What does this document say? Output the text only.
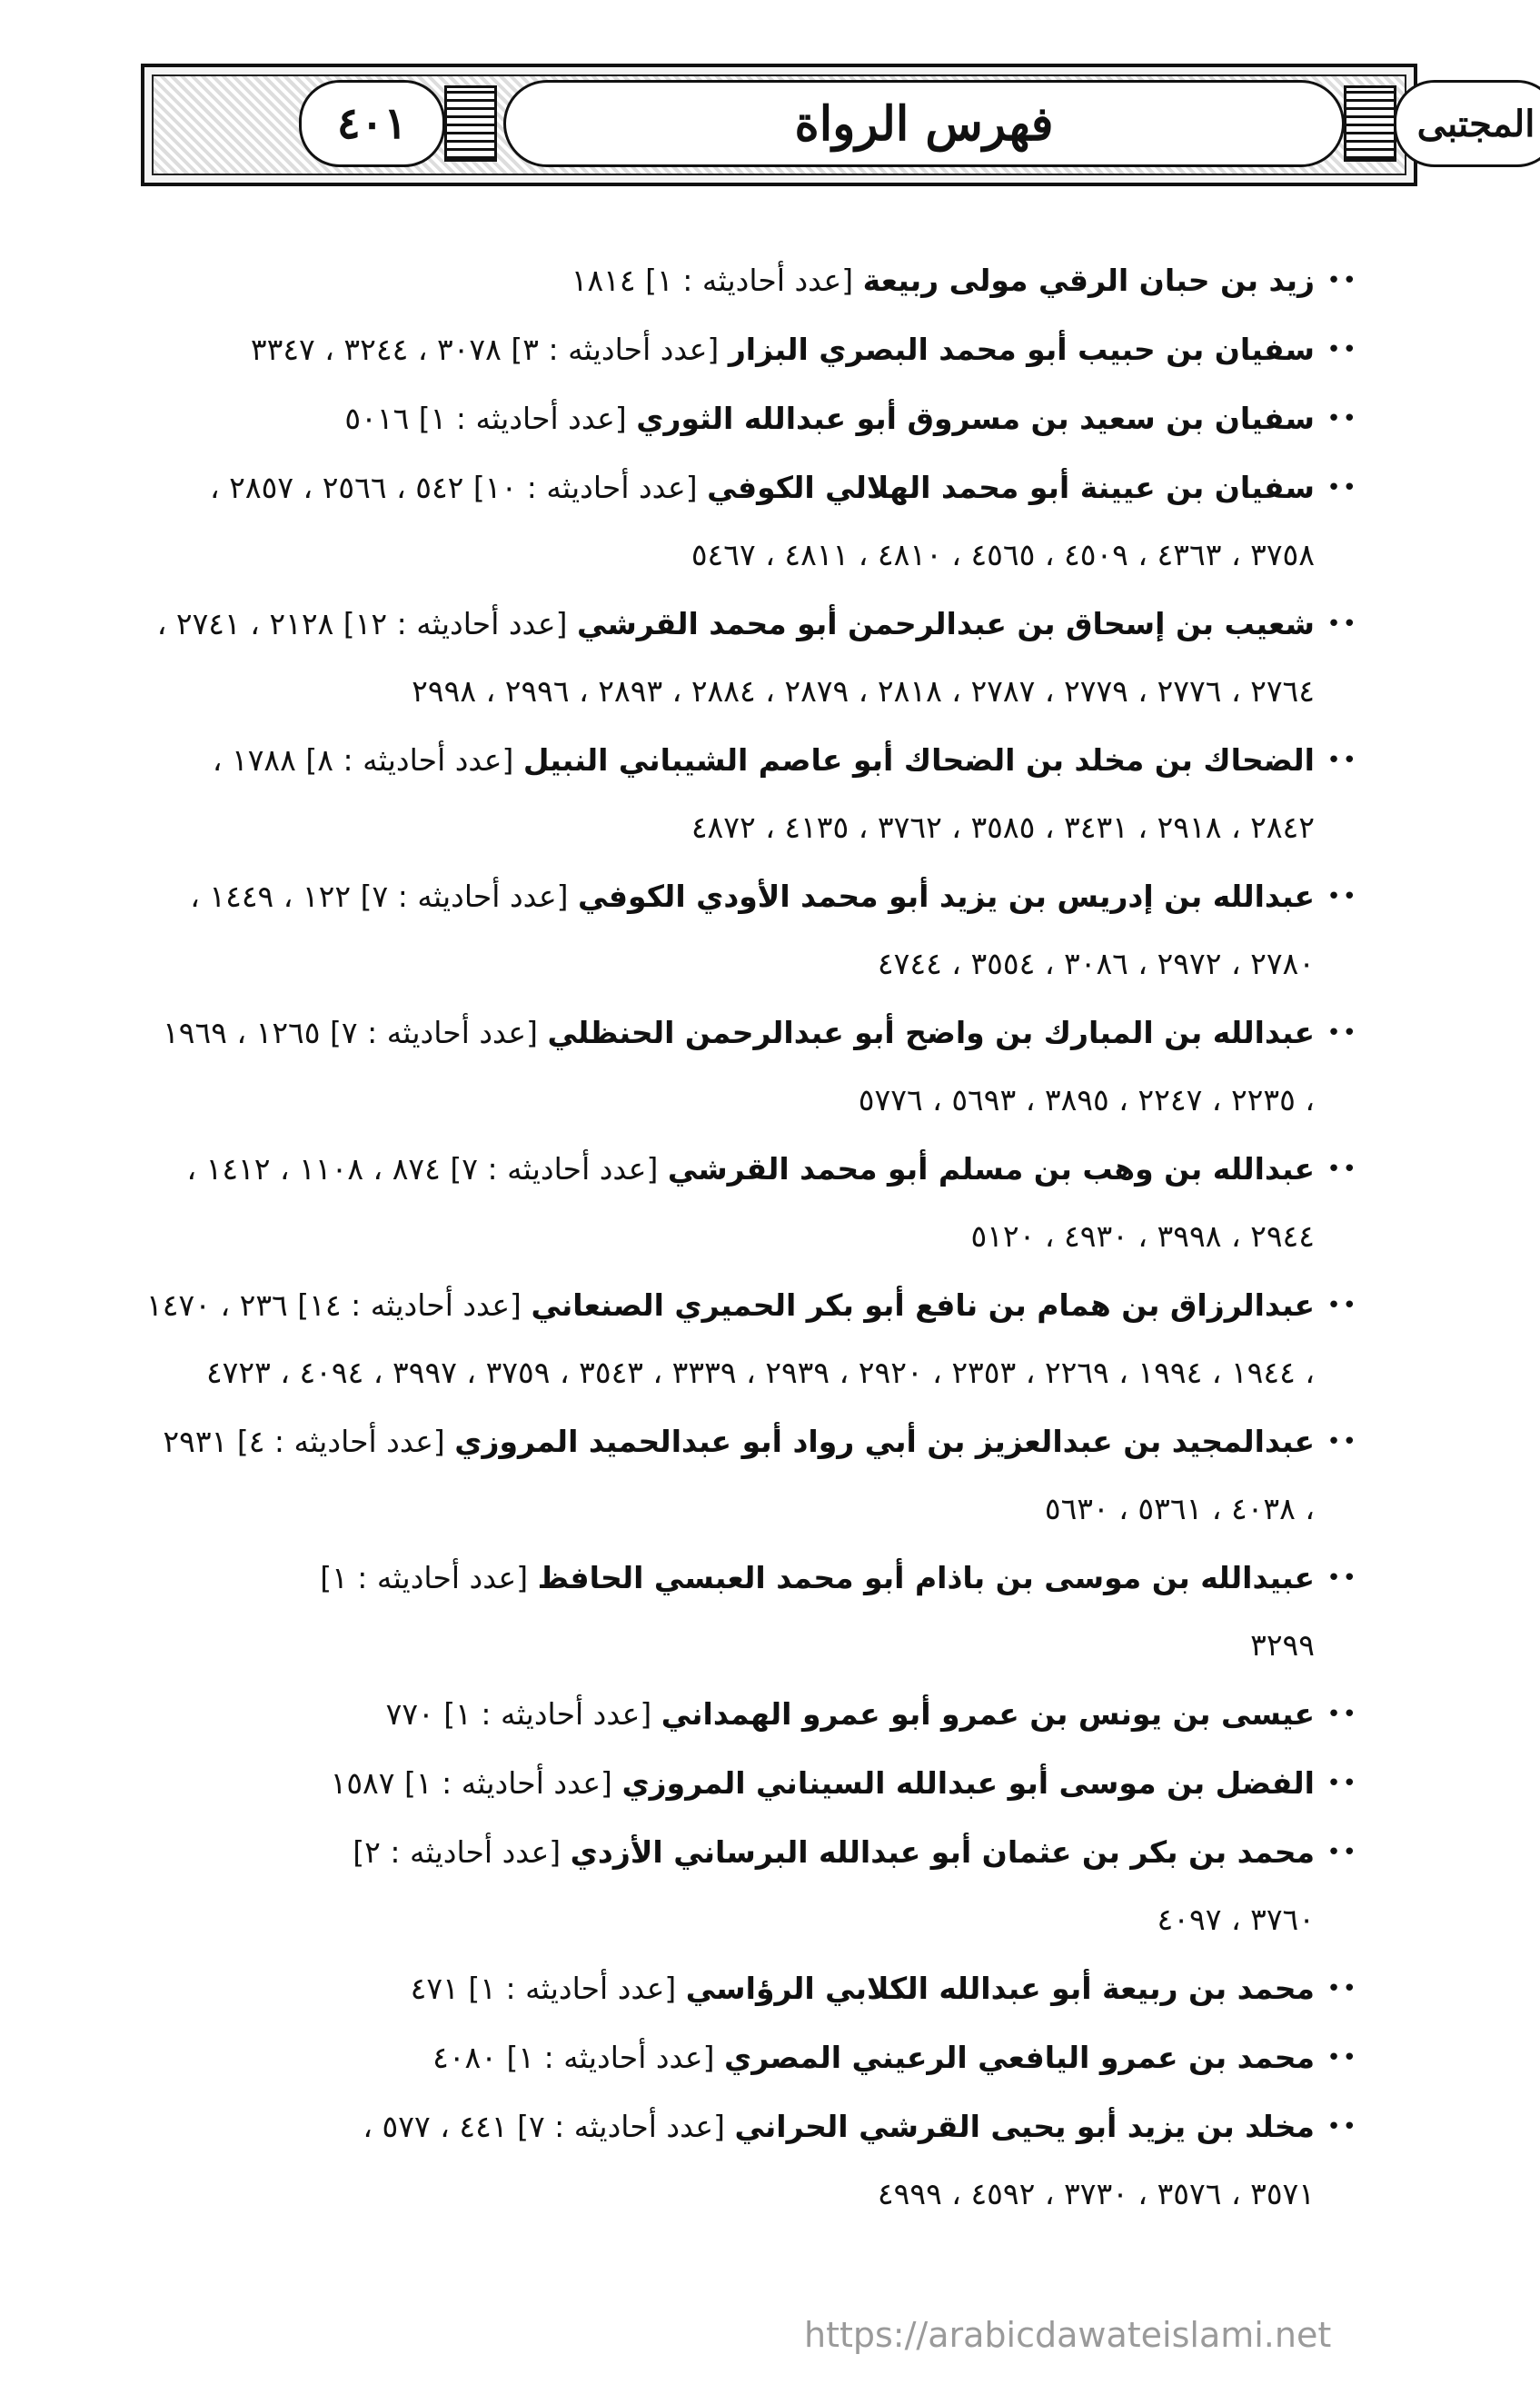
المجتبى
فهرس الرواة
٤٠١
••
زيد بن حبان الرقي مولى ربيعة [عدد أحاديثه : ١] ١٨١٤
••
سفيان بن حبيب أبو محمد البصري البزار [عدد أحاديثه : ٣] ٣٠٧٨ ، ٣٢٤٤ ، ٣٣٤٧
••
سفيان بن سعيد بن مسروق أبو عبدالله الثوري [عدد أحاديثه : ١] ٥٠١٦
••
سفيان بن عيينة أبو محمد الهلالي الكوفي [عدد أحاديثه : ١٠] ٥٤٢ ، ٢٥٦٦ ، ٢٨٥٧ ، ٣٧٥٨ ، ٤٣٦٣ ، ٤٥٠٩ ، ٤٥٦٥ ، ٤٨١٠ ، ٤٨١١ ، ٥٤٦٧
••
شعيب بن إسحاق بن عبدالرحمن أبو محمد القرشي [عدد أحاديثه : ١٢] ٢١٢٨ ، ٢٧٤١ ، ٢٧٦٤ ، ٢٧٧٦ ، ٢٧٧٩ ، ٢٧٨٧ ، ٢٨١٨ ، ٢٨٧٩ ، ٢٨٨٤ ، ٢٨٩٣ ، ٢٩٩٦ ، ٢٩٩٨
••
الضحاك بن مخلد بن الضحاك أبو عاصم الشيباني النبيل [عدد أحاديثه : ٨] ١٧٨٨ ، ٢٨٤٢ ، ٢٩١٨ ، ٣٤٣١ ، ٣٥٨٥ ، ٣٧٦٢ ، ٤١٣٥ ، ٤٨٧٢
••
عبدالله بن إدريس بن يزيد أبو محمد الأودي الكوفي [عدد أحاديثه : ٧] ١٢٢ ، ١٤٤٩ ، ٢٧٨٠ ، ٢٩٧٢ ، ٣٠٨٦ ، ٣٥٥٤ ، ٤٧٤٤
••
عبدالله بن المبارك بن واضح أبو عبدالرحمن الحنظلي [عدد أحاديثه : ٧] ١٢٦٥ ، ١٩٦٩ ، ٢٢٣٥ ، ٢٢٤٧ ، ٣٨٩٥ ، ٥٦٩٣ ، ٥٧٧٦
••
عبدالله بن وهب بن مسلم أبو محمد القرشي [عدد أحاديثه : ٧] ٨٧٤ ، ١١٠٨ ، ١٤١٢ ، ٢٩٤٤ ، ٣٩٩٨ ، ٤٩٣٠ ، ٥١٢٠
••
عبدالرزاق بن همام بن نافع أبو بكر الحميري الصنعاني [عدد أحاديثه : ١٤] ٢٣٦ ، ١٤٧٠ ، ١٩٤٤ ، ١٩٩٤ ، ٢٢٦٩ ، ٢٣٥٣ ، ٢٩٢٠ ، ٢٩٣٩ ، ٣٣٣٩ ، ٣٥٤٣ ، ٣٧٥٩ ، ٣٩٩٧ ، ٤٠٩٤ ، ٤٧٢٣
••
عبدالمجيد بن عبدالعزيز بن أبي رواد أبو عبدالحميد المروزي [عدد أحاديثه : ٤] ٢٩٣١ ، ٤٠٣٨ ، ٥٣٦١ ، ٥٦٣٠
••
عبيدالله بن موسى بن باذام أبو محمد العبسي الحافظ [عدد أحاديثه : ١] ٣٢٩٩
••
عيسى بن يونس بن عمرو أبو عمرو الهمداني [عدد أحاديثه : ١] ٧٧٠
••
الفضل بن موسى أبو عبدالله السيناني المروزي [عدد أحاديثه : ١] ١٥٨٧
••
محمد بن بكر بن عثمان أبو عبدالله البرساني الأزدي [عدد أحاديثه : ٢] ٣٧٦٠ ، ٤٠٩٧
••
محمد بن ربيعة أبو عبدالله الكلابي الرؤاسي [عدد أحاديثه : ١] ٤٧١
••
محمد بن عمرو اليافعي الرعيني المصري [عدد أحاديثه : ١] ٤٠٨٠
••
مخلد بن يزيد أبو يحيى القرشي الحراني [عدد أحاديثه : ٧] ٤٤١ ، ٥٧٧ ، ٣٥٧١ ، ٣٥٧٦ ، ٣٧٣٠ ، ٤٥٩٢ ، ٤٩٩٩
https://arabicdawateislami.net
